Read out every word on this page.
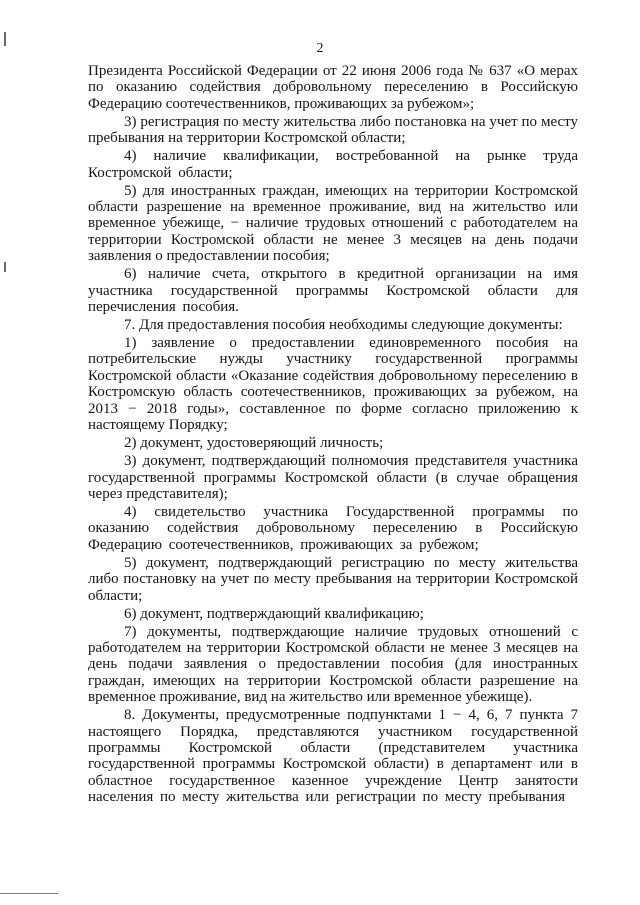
2

Президента Российской Федерации от 22 июня 2006 года № 637 «О мерах по оказанию содействия добровольному переселению в Российскую Федерацию соотечественников, проживающих за рубежом»;

3) регистрация по месту жительства либо постановка на учет по месту пребывания на территории Костромской области;

4) наличие квалификации, востребованной на рынке труда Костромской области;

5) для иностранных граждан, имеющих на территории Костромской области разрешение на временное проживание, вид на жительство или временное убежище, − наличие трудовых отношений с работодателем на территории Костромской области не менее 3 месяцев на день подачи заявления о предоставлении пособия;

6) наличие счета, открытого в кредитной организации на имя участника государственной программы Костромской области для перечисления пособия.

7. Для предоставления пособия необходимы следующие документы:

1) заявление о предоставлении единовременного пособия на потребительские нужды участнику государственной программы Костромской области «Оказание содействия добровольному переселению в Костромскую область соотечественников, проживающих за рубежом, на 2013 − 2018 годы», составленное по форме согласно приложению к настоящему Порядку;

2) документ, удостоверяющий личность;

3) документ, подтверждающий полномочия представителя участника государственной программы Костромской области (в случае обращения через представителя);

4) свидетельство участника Государственной программы по оказанию содействия добровольному переселению в Российскую Федерацию соотечественников, проживающих за рубежом;

5) документ, подтверждающий регистрацию по месту жительства либо постановку на учет по месту пребывания на территории Костромской области;

6) документ, подтверждающий квалификацию;

7) документы, подтверждающие наличие трудовых отношений с работодателем на территории Костромской области не менее 3 месяцев на день подачи заявления о предоставлении пособия (для иностранных граждан, имеющих на территории Костромской области разрешение на временное проживание, вид на жительство или временное убежище).

8. Документы, предусмотренные подпунктами 1 − 4, 6, 7 пункта 7 настоящего Порядка, представляются участником государственной программы Костромской области (представителем участника государственной программы Костромской области) в департамент или в областное государственное казенное учреждение Центр занятости населения по месту жительства или регистрации по месту пребывания
